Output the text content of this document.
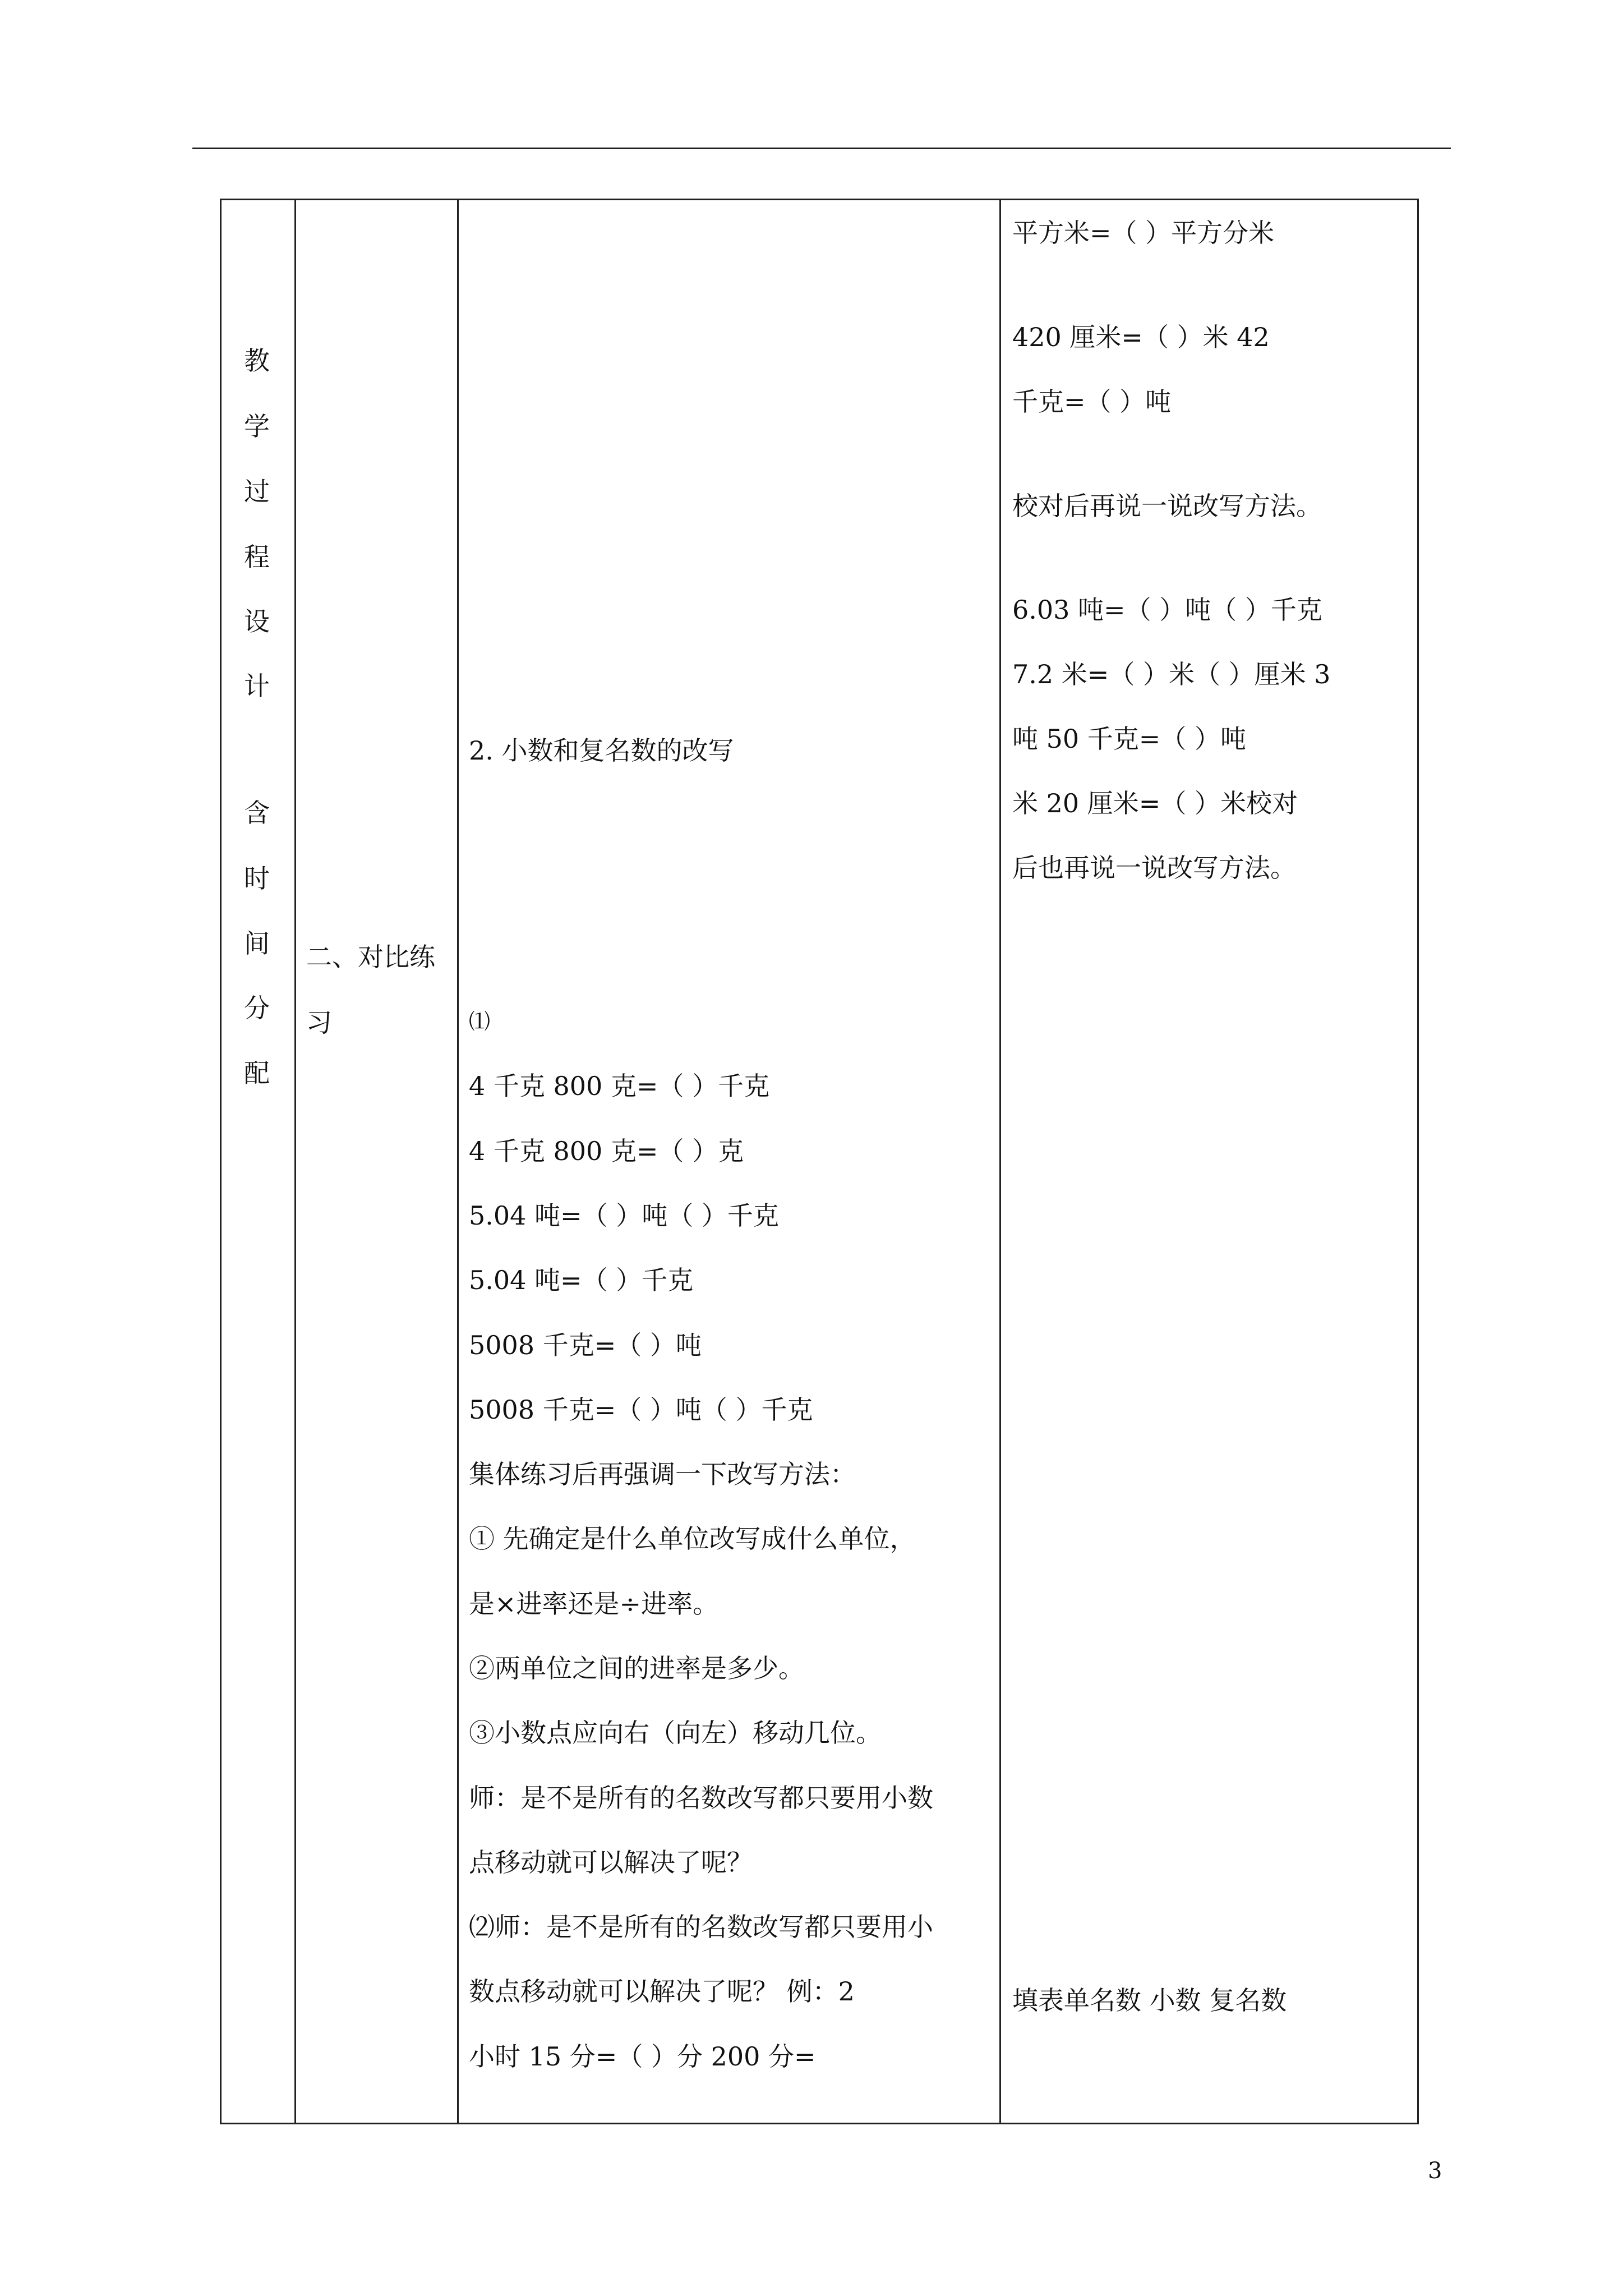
教
学
过
程
设
计
含
时
间
分
配
二、对比练
习
2. 小数和复名数的改写
⑴
4 千克 800 克=（ ）千克
4 千克 800 克=（ ）克
5.04 吨=（ ）吨（ ）千克
5.04 吨=（ ）千克
5008 千克=（ ）吨
5008 千克=（ ）吨（ ）千克
集体练习后再强调一下改写方法：
① 先确定是什么单位改写成什么单位，
是×进率还是÷进率。
②两单位之间的进率是多少。
③小数点应向右（向左）移动几位。
师：是不是所有的名数改写都只要用小数
点移动就可以解决了呢？
⑵师：是不是所有的名数改写都只要用小
数点移动就可以解决了呢？ 例：2
小时 15 分=（ ）分 200 分=
平方米=（ ）平方分米
420 厘米=（ ）米 42
千克=（ ）吨
校对后再说一说改写方法。
6.03 吨=（ ）吨（ ）千克
7.2 米=（ ）米（ ）厘米 3
吨 50 千克=（ ）吨
米 20 厘米=（ ）米校对
后也再说一说改写方法。
填表单名数 小数 复名数
3
